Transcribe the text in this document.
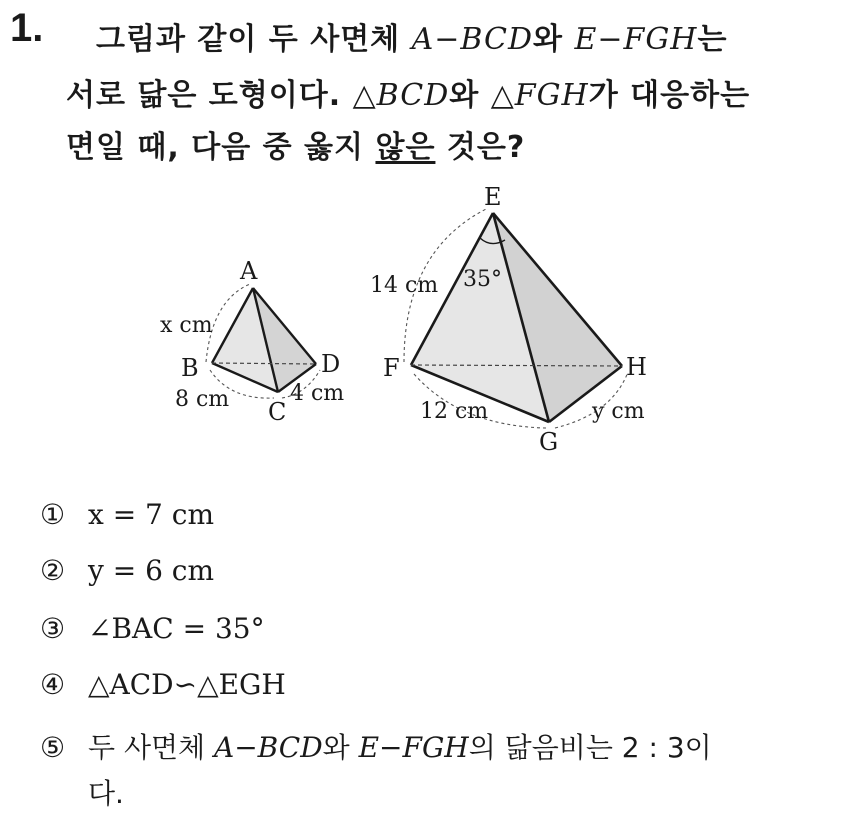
1. 그림과 같이 두 사면체 A−BCD와 E−FGH는
서로 닮은 도형이다. △BCD와 △FGH가 대응하는
면일 때, 다음 중 옳지 않은 것은?
A
B
C
D
E
F
G
H
x cm
8 cm	4 cm
14 cm 35°
12 cm	y cm
① x = 7 cm
② y = 6 cm
③ ∠BAC = 35°
④ △ACD∽△EGH
⑤ 두 사면체 A−BCD와 E−FGH의 닮음비는 2 : 3이
다.
